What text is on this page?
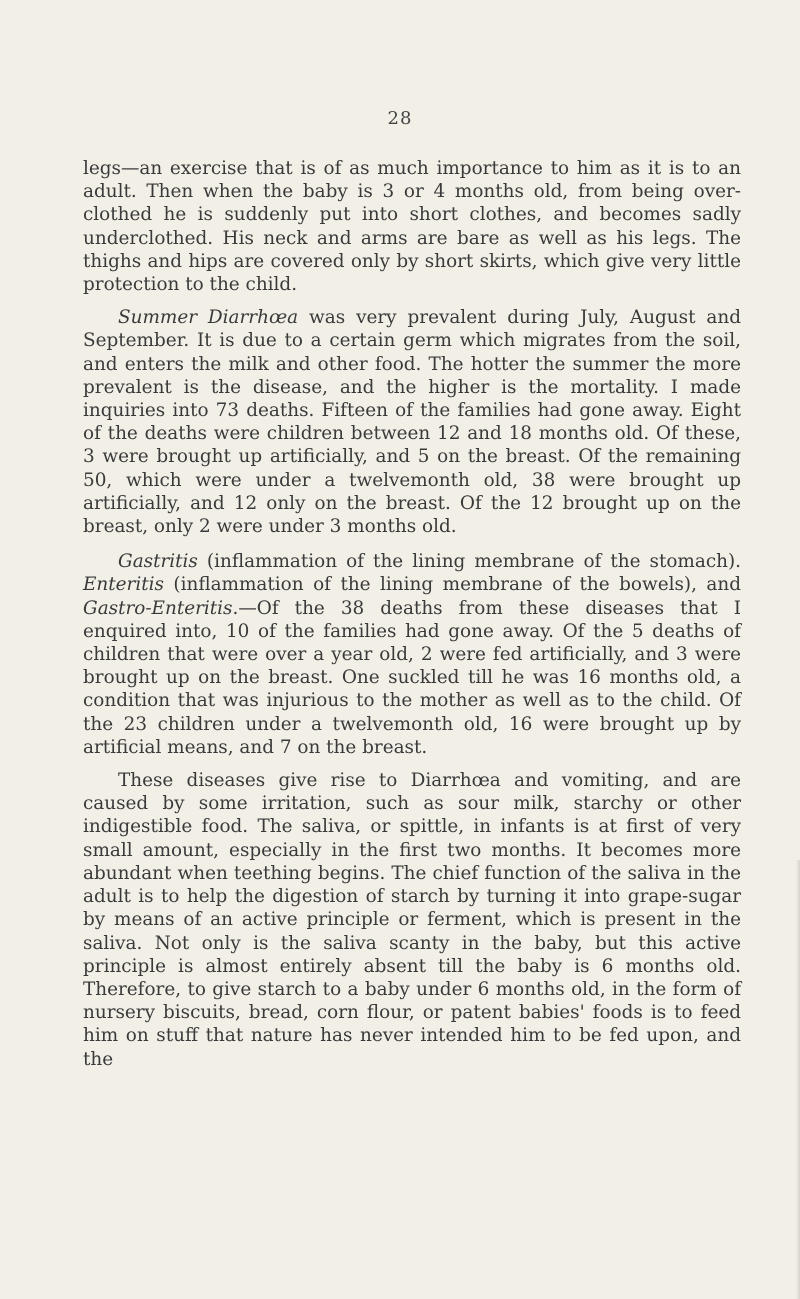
28

legs—an exercise that is of as much importance to him as it is to an adult. Then when the baby is 3 or 4 months old, from being over-clothed he is suddenly put into short clothes, and becomes sadly underclothed. His neck and arms are bare as well as his legs. The thighs and hips are covered only by short skirts, which give very little protection to the child.

Summer Diarrhœa was very prevalent during July, August and September. It is due to a certain germ which migrates from the soil, and enters the milk and other food. The hotter the summer the more prevalent is the disease, and the higher is the mortality. I made inquiries into 73 deaths. Fifteen of the families had gone away. Eight of the deaths were children between 12 and 18 months old. Of these, 3 were brought up artificially, and 5 on the breast. Of the remaining 50, which were under a twelvemonth old, 38 were brought up artificially, and 12 only on the breast. Of the 12 brought up on the breast, only 2 were under 3 months old.

Gastritis (inflammation of the lining membrane of the stomach). Enteritis (inflammation of the lining membrane of the bowels), and Gastro-Enteritis.—Of the 38 deaths from these diseases that I enquired into, 10 of the families had gone away. Of the 5 deaths of children that were over a year old, 2 were fed artificially, and 3 were brought up on the breast. One suckled till he was 16 months old, a condition that was injurious to the mother as well as to the child. Of the 23 children under a twelvemonth old, 16 were brought up by artificial means, and 7 on the breast.

These diseases give rise to Diarrhœa and vomiting, and are caused by some irritation, such as sour milk, starchy or other indigestible food. The saliva, or spittle, in infants is at first of very small amount, especially in the first two months. It becomes more abundant when teething begins. The chief function of the saliva in the adult is to help the digestion of starch by turning it into grape-sugar by means of an active principle or ferment, which is present in the saliva. Not only is the saliva scanty in the baby, but this active principle is almost entirely absent till the baby is 6 months old. Therefore, to give starch to a baby under 6 months old, in the form of nursery biscuits, bread, corn flour, or patent babies' foods is to feed him on stuff that nature has never intended him to be fed upon, and the
